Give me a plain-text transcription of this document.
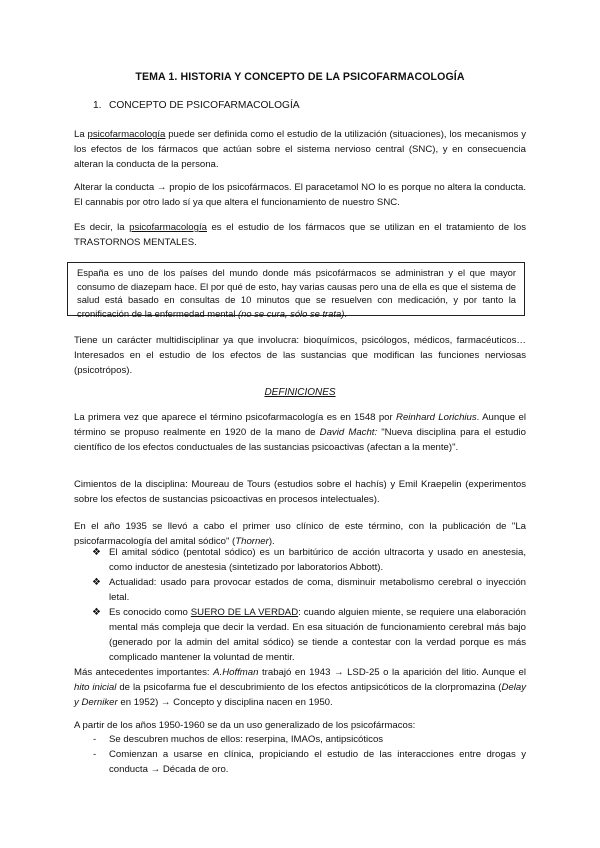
TEMA 1. HISTORIA Y CONCEPTO DE LA PSICOFARMACOLOGÍA
1. CONCEPTO DE PSICOFARMACOLOGÍA
La psicofarmacología puede ser definida como el estudio de la utilización (situaciones), los mecanismos y los efectos de los fármacos que actúan sobre el sistema nervioso central (SNC), y en consecuencia alteran la conducta de la persona.
Alterar la conducta → propio de los psicofármacos. El paracetamol NO lo es porque no altera la conducta. El cannabis por otro lado sí ya que altera el funcionamiento de nuestro SNC.
Es decir, la psicofarmacología es el estudio de los fármacos que se utilizan en el tratamiento de los TRASTORNOS MENTALES.
España es uno de los países del mundo donde más psicofármacos se administran y el que mayor consumo de diazepam hace. El por qué de esto, hay varias causas pero una de ella es que el sistema de salud está basado en consultas de 10 minutos que se resuelven con medicación, y por tanto la cronificación de la enfermedad mental (no se cura, sólo se trata).
Tiene un carácter multidisciplinar ya que involucra: bioquímicos, psicólogos, médicos, farmacéuticos… Interesados en el estudio de los efectos de las sustancias que modifican las funciones nerviosas (psicotrópos).
DEFINICIONES
La primera vez que aparece el término psicofarmacología es en 1548 por Reinhard Lorichius. Aunque el término se propuso realmente en 1920 de la mano de David Macht: "Nueva disciplina para el estudio científico de los efectos conductuales de las sustancias psicoactivas (afectan a la mente)".
Cimientos de la disciplina: Moureau de Tours (estudios sobre el hachís) y Emil Kraepelin (experimentos sobre los efectos de sustancias psicoactivas en procesos intelectuales).
En el año 1935 se llevó a cabo el primer uso clínico de este término, con la publicación de "La psicofarmacología del amital sódico" (Thorner).
❖ El amital sódico (pentotal sódico) es un barbitúrico de acción ultracorta y usado en anestesia, como inductor de anestesia (sintetizado por laboratorios Abbott).
❖ Actualidad: usado para provocar estados de coma, disminuir metabolismo cerebral o inyección letal.
❖ Es conocido como SUERO DE LA VERDAD: cuando alguien miente, se requiere una elaboración mental más compleja que decir la verdad. En esa situación de funcionamiento cerebral más bajo (generado por la admin del amital sódico) se tiende a contestar con la verdad porque es más complicado mantener la voluntad de mentir.
Más antecedentes importantes: A.Hoffman trabajó en 1943 → LSD-25 o la aparición del litio. Aunque el hito inicial de la psicofarma fue el descubrimiento de los efectos antipsicóticos de la clorpromazina (Delay y Derniker en 1952) → Concepto y disciplina nacen en 1950.
A partir de los años 1950-1960 se da un uso generalizado de los psicofármacos:
- Se descubren muchos de ellos: reserpina, IMAOs, antipsicóticos
- Comienzan a usarse en clínica, propiciando el estudio de las interacciones entre drogas y conducta → Década de oro.
